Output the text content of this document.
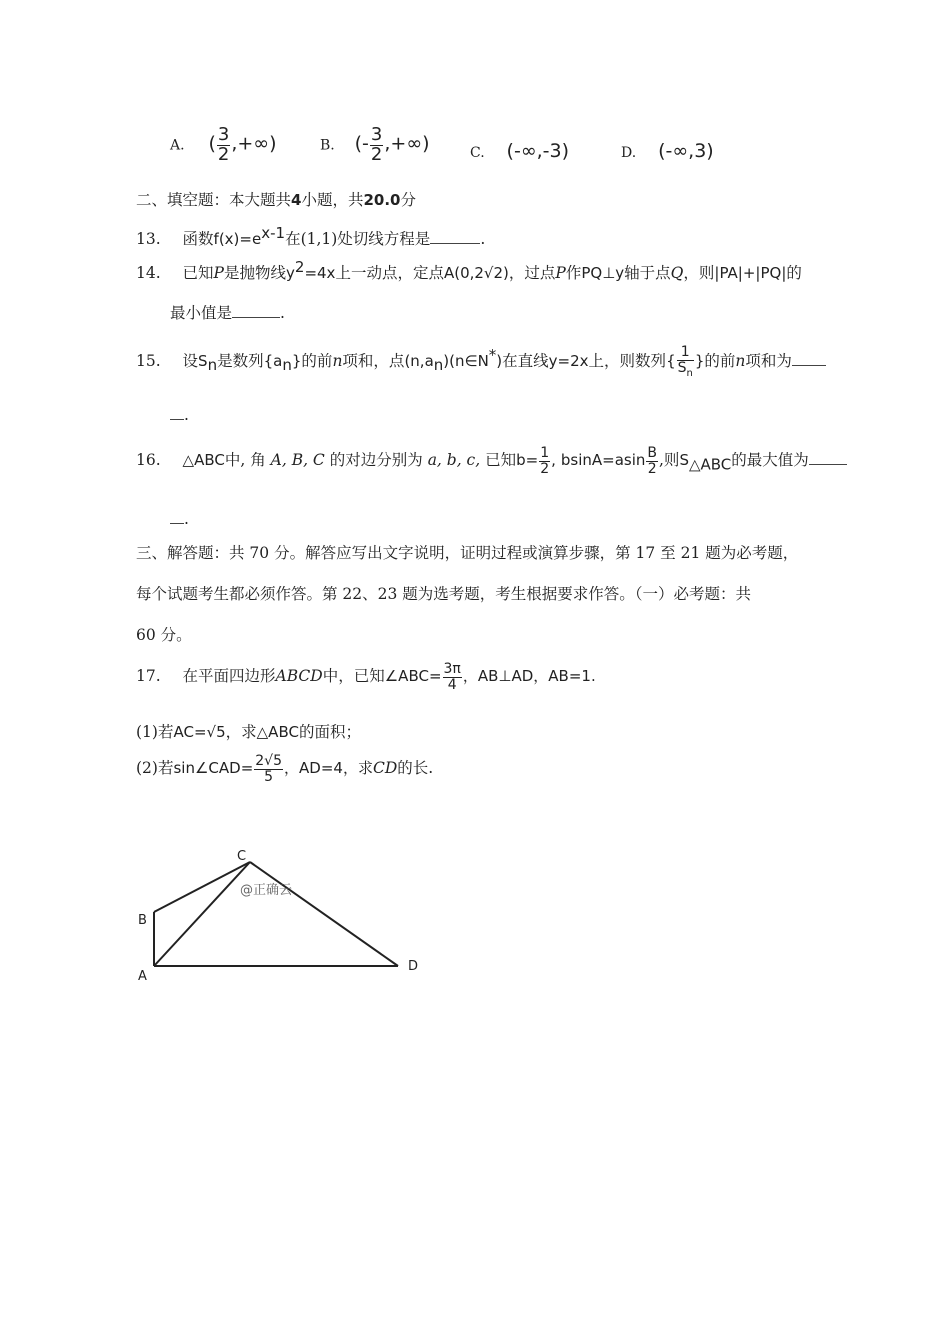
A. ( $\frac{3}{2}$ ,+∞)	B. (- $\frac{3}{2}$ ,+∞)	C. (-∞,-3)	D. (-∞,3)
二、填空题：本大题共4小题，共20.0分
13. 函数$f(x)=e^{x-1}$在(1,1)处切线方程是	.
14. 已知P是抛物线$y^2=4x$上一动点，定点A(0,2√2)，过点P作PQ⊥y轴于点Q，则|PA|+|PQ|的
最小值是	.
15. 设$S_n$是数列$\{a_n\}$的前n项和，点$(n,a_n)(n\in N^*)$在直线y=2x上，则数列{ $\frac{1}{S_n}$ }的前n项和为
.
16. △ABC中, 角 A, B, C 的对边分别为 a, b, c, 已知$b= \frac{1}{2}$ , $bsinA=asin \frac{B}{2}$ ,则$S_{\triangle ABC}$的最大值为
.
三、解答题：共 70 分。解答应写出文字说明，证明过程或演算步骤，第 17 至 21 题为必考题，
每个试题考生都必须作答。第 22、23 题为选考题，考生根据要求作答。（一）必考题：共
60 分。
17. 在平面四边形ABCD中，已知∠ABC= $\frac{3\pi}{4}$ ，AB⊥AD，AB=1.
(1)若AC=√5，求△ABC的面积；
(2)若sin∠CAD= $\frac{2√5}{5}$ ，AD=4，求CD的长.
A
B
C
D
@正确云
